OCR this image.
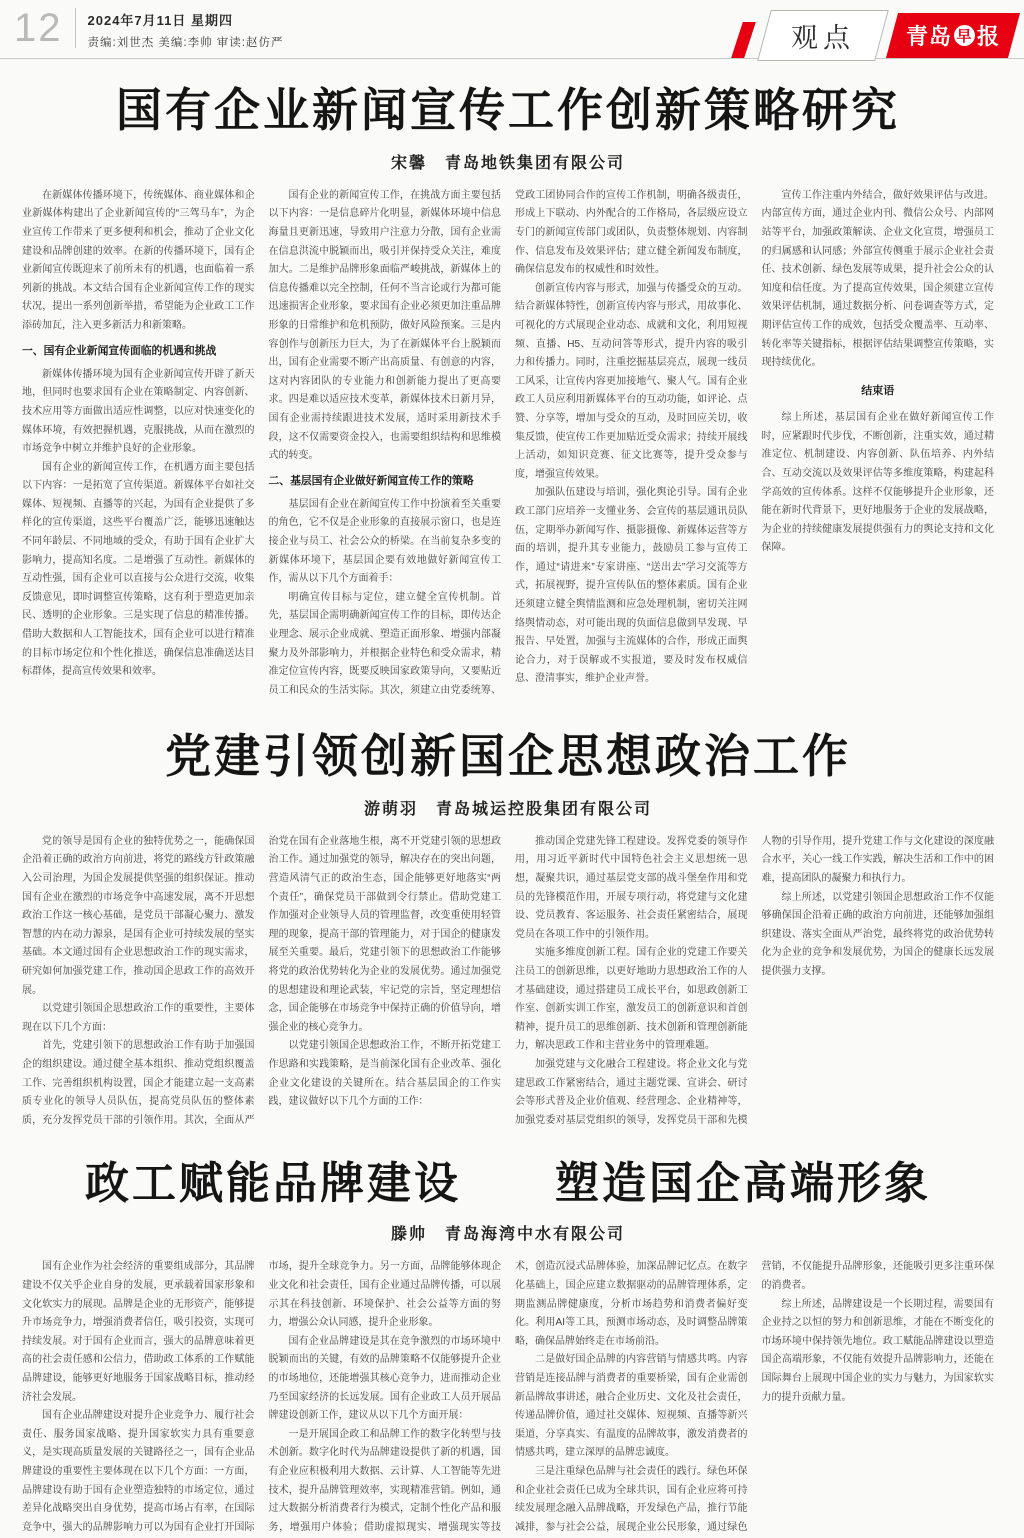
12	2024年7月11日 星期四
责编:刘世杰 美编:李帅 审读:赵仿严	观点	青岛 早 报
国有企业新闻宣传工作创新策略研究
宋馨　青岛地铁集团有限公司

在新媒体传播环境下，传统媒体、商业媒体和企业新媒体构建出了企业新闻宣传的“三驾马车”，为企业宣传工作带来了更多便利和机会，推动了企业文化建设和品牌创建的效率。在新的传播环境下，国有企业新闻宣传既迎来了前所未有的机遇，也面临着一系列新的挑战。本文结合国有企业新闻宣传工作的现实状况，提出一系列创新举措，希望能为企业政工工作添砖加瓦，注入更多新活力和新策略。

一、国有企业新闻宣传面临的机遇和挑战

新媒体传播环境为国有企业新闻宣传开辟了新天地，但同时也要求国有企业在策略制定、内容创新、技术应用等方面做出适应性调整，以应对快速变化的媒体环境，有效把握机遇，克服挑战，从而在激烈的市场竞争中树立并维护良好的企业形象。

国有企业的新闻宣传工作，在机遇方面主要包括以下内容：一是拓宽了宣传渠道。新媒体平台如社交媒体、短视频、直播等的兴起，为国有企业提供了多样化的宣传渠道，这些平台覆盖广泛，能够迅速触达不同年龄层、不同地域的受众，有助于国有企业扩大影响力，提高知名度。二是增强了互动性。新媒体的互动性强，国有企业可以直接与公众进行交流，收集反馈意见，即时调整宣传策略，这有利于塑造更加亲民、透明的企业形象。三是实现了信息的精准传播。借助大数据和人工智能技术，国有企业可以进行精准的目标市场定位和个性化推送，确保信息准确送达目标群体，提高宣传效果和效率。

国有企业的新闻宣传工作，在挑战方面主要包括以下内容：一是信息碎片化明显，新媒体环境中信息海量且更新迅速，导致用户注意力分散，国有企业需在信息洪流中脱颖而出，吸引并保持受众关注，难度加大。二是维护品牌形象面临严峻挑战，新媒体上的信息传播难以完全控制，任何不当言论或行为都可能迅速损害企业形象，要求国有企业必须更加注重品牌形象的日常维护和危机预防，做好风险预案。三是内容创作与创新压力巨大，为了在新媒体平台上脱颖而出，国有企业需要不断产出高质量、有创意的内容，这对内容团队的专业能力和创新能力提出了更高要求。四是难以适应技术变革，新媒体技术日新月异，国有企业需持续跟进技术发展，适时采用新技术手段，这不仅需要资金投入，也需要组织结构和思维模式的转变。

二、基层国有企业做好新闻宣传工作的策略

基层国有企业在新闻宣传工作中扮演着至关重要的角色，它不仅是企业形象的直接展示窗口，也是连接企业与员工、社会公众的桥梁。在当前复杂多变的新媒体环境下，基层国企要有效地做好新闻宣传工作，需从以下几个方面着手：

明确宣传目标与定位，建立健全宣传机制。首先，基层国企需明确新闻宣传工作的目标，即传达企业理念、展示企业成就、塑造正面形象、增强内部凝聚力及外部影响力，并根据企业特色和受众需求，精准定位宣传内容，既要反映国家政策导向，又要贴近员工和民众的生活实际。其次，须建立由党委统筹、党政工团协同合作的宣传工作机制，明确各级责任，形成上下联动、内外配合的工作格局，各层级应设立专门的新闻宣传部门或团队，负责整体规划、内容制作、信息发布及效果评估；建立健全新闻发布制度，确保信息发布的权威性和时效性。

创新宣传内容与形式，加强与传播受众的互动。结合新媒体特性，创新宣传内容与形式，用故事化、可视化的方式展现企业动态、成就和文化，利用短视频、直播、H5、互动问答等形式，提升内容的吸引力和传播力。同时，注重挖掘基层亮点，展现一线员工风采，让宣传内容更加接地气、聚人气。国有企业政工人员应利用新媒体平台的互动功能，如评论、点赞、分享等，增加与受众的互动，及时回应关切，收集反馈，使宣传工作更加贴近受众需求；持续开展线上活动，如知识竞赛、征文比赛等，提升受众参与度，增强宣传效果。

加强队伍建设与培训，强化舆论引导。国有企业政工部门应培养一支懂业务、会宣传的基层通讯员队伍，定期举办新闻写作、摄影摄像、新媒体运营等方面的培训，提升其专业能力，鼓励员工参与宣传工作，通过“请进来”专家讲座、“送出去”学习交流等方式，拓展视野，提升宣传队伍的整体素质。国有企业还须建立健全舆情监测和应急处理机制，密切关注网络舆情动态，对可能出现的负面信息做到早发现、早报告、早处置，加强与主流媒体的合作，形成正面舆论合力，对于误解或不实报道，要及时发布权威信息、澄清事实，维护企业声誉。

宣传工作注重内外结合，做好效果评估与改进。内部宣传方面，通过企业内刊、微信公众号、内部网站等平台，加强政策解读、企业文化宣贯，增强员工的归属感和认同感；外部宣传侧重于展示企业社会责任、技术创新、绿色发展等成果，提升社会公众的认知度和信任度。为了提高宣传效果，国企须建立宣传效果评估机制，通过数据分析、问卷调查等方式，定期评估宣传工作的成效，包括受众覆盖率、互动率、转化率等关键指标，根据评估结果调整宣传策略，实现持续优化。

结束语

综上所述，基层国有企业在做好新闻宣传工作时，应紧跟时代步伐，不断创新，注重实效，通过精准定位、机制建设、内容创新、队伍培养、内外结合、互动交流以及效果评估等多维度策略，构建起科学高效的宣传体系。这样不仅能够提升企业形象，还能在新时代背景下，更好地服务于企业的发展战略，为企业的持续健康发展提供强有力的舆论支持和文化保障。

党建引领创新国企思想政治工作
游萌羽　青岛城运控股集团有限公司

党的领导是国有企业的独特优势之一，能确保国企沿着正确的政治方向前进，将党的路线方针政策融入公司治理，为国企发展提供坚强的组织保证。推动国有企业在激烈的市场竞争中高速发展，离不开思想政治工作这一核心基础，是党员干部凝心聚力、激发智慧的内在动力源泉，是国有企业可持续发展的坚实基础。本文通过国有企业思想政治工作的现实需求，研究如何加强党建工作，推动国企思政工作的高效开展。

以党建引领国企思想政治工作的重要性，主要体现在以下几个方面：

首先，党建引领下的思想政治工作有助于加强国企的组织建设。通过健全基本组织、推动党组织覆盖工作、完善组织机构设置，国企才能建立起一支高素质专业化的领导人员队伍，提高党员队伍的整体素质，充分发挥党员干部的引领作用。其次，全面从严治党在国有企业落地生根，离不开党建引领的思想政治工作。通过加强党的领导，解决存在的突出问题，营造风清气正的政治生态，国企能够更好地落实“两个责任”，确保党员干部做到令行禁止。借助党建工作加强对企业领导人员的管理监督，改变重使用轻管理的现象，提高干部的管理能力，对于国企的健康发展至关重要。最后，党建引领下的思想政治工作能够将党的政治优势转化为企业的发展优势。通过加强党的思想建设和理论武装，牢记党的宗旨，坚定理想信念，国企能够在市场竞争中保持正确的价值导向，增强企业的核心竞争力。

以党建引领国企思想政治工作，不断开拓党建工作思路和实践策略，是当前深化国有企业改革、强化企业文化建设的关键所在。结合基层国企的工作实践，建议做好以下几个方面的工作：

推动国企党建先锋工程建设。发挥党委的领导作用，用习近平新时代中国特色社会主义思想统一思想，凝聚共识，通过基层党支部的战斗堡垒作用和党员的先锋模范作用，开展专项行动，将党建与文化建设、党员教育、客运服务、社会责任紧密结合，展现党员在各项工作中的引领作用。

实施多维度创新工程。国有企业的党建工作要关注员工的创新思维，以更好地助力思想政治工作的人才基础建设，通过搭建员工成长平台，如思政创新工作室、创新实训工作室，激发员工的创新意识和首创精神，提升员工的思维创新、技术创新和管理创新能力，解决思政工作和主营业务中的管理难题。

加强党建与文化融合工程建设。将企业文化与党建思政工作紧密结合，通过主题党课、宣讲会、研讨会等形式普及企业价值观、经营理念、企业精神等，加强党委对基层党组织的领导，发挥党员干部和先模人物的引导作用，提升党建工作与文化建设的深度融合水平，关心一线工作实践，解决生活和工作中的困难，提高团队的凝聚力和执行力。

综上所述，以党建引领国企思想政治工作不仅能够确保国企沿着正确的政治方向前进，还能够加强组织建设、落实全面从严治党，最终将党的政治优势转化为企业的竞争和发展优势，为国企的健康长远发展提供强力支撑。

政工赋能品牌建设　　塑造国企高端形象
滕帅　青岛海湾中水有限公司

国有企业作为社会经济的重要组成部分，其品牌建设不仅关乎企业自身的发展，更承载着国家形象和文化软实力的展现。品牌是企业的无形资产，能够提升市场竞争力，增强消费者信任，吸引投资，实现可持续发展。对于国有企业而言，强大的品牌意味着更高的社会责任感和公信力，借助政工体系的工作赋能品牌建设，能够更好地服务于国家战略目标，推动经济社会发展。

国有企业品牌建设对提升企业竞争力、履行社会责任、服务国家战略、提升国家软实力具有重要意义，是实现高质量发展的关键路径之一，国有企业品牌建设的重要性主要体现在以下几个方面：一方面，品牌建设有助于国有企业塑造独特的市场定位，通过差异化战略突出自身优势，提高市场占有率，在国际竞争中，强大的品牌影响力可以为国有企业打开国际市场，提升全球竞争力。另一方面，品牌能够体现企业文化和社会责任，国有企业通过品牌传播，可以展示其在科技创新、环境保护、社会公益等方面的努力，增强公众认同感，提升企业形象。

国有企业品牌建设是其在竞争激烈的市场环境中脱颖而出的关键，有效的品牌策略不仅能够提升企业的市场地位，还能增强其核心竞争力，进而推动企业乃至国家经济的长远发展。国有企业政工人员开展品牌建设创新工作，建议从以下几个方面开展：

一是开展国企政工和品牌工作的数字化转型与技术创新。数字化时代为品牌建设提供了新的机遇，国有企业应积极利用大数据、云计算、人工智能等先进技术，提升品牌管理效率，实现精准营销。例如，通过大数据分析消费者行为模式，定制个性化产品和服务，增强用户体验；借助虚拟现实、增强现实等技术，创造沉浸式品牌体验，加深品牌记忆点。在数字化基础上，国企应建立数据驱动的品牌管理体系，定期监测品牌健康度，分析市场趋势和消费者偏好变化。利用AI等工具，预测市场动态，及时调整品牌策略，确保品牌始终走在市场前沿。

二是做好国企品牌的内容营销与情感共鸣。内容营销是连接品牌与消费者的重要桥梁，国有企业需创新品牌故事讲述，融合企业历史、文化及社会责任，传递品牌价值，通过社交媒体、短视频、直播等新兴渠道，分享真实、有温度的品牌故事，激发消费者的情感共鸣，建立深厚的品牌忠诚度。

三是注重绿色品牌与社会责任的践行。绿色环保和企业社会责任已成为全球共识，国有企业应将可持续发展理念融入品牌战略，开发绿色产品，推行节能减排，参与社会公益，展现企业公民形象，通过绿色营销，不仅能提升品牌形象，还能吸引更多注重环保的消费者。

综上所述，品牌建设是一个长期过程，需要国有企业持之以恒的努力和创新思维，才能在不断变化的市场环境中保持领先地位。政工赋能品牌建设以塑造国企高端形象，不仅能有效提升品牌影响力，还能在国际舞台上展现中国企业的实力与魅力，为国家软实力的提升贡献力量。
